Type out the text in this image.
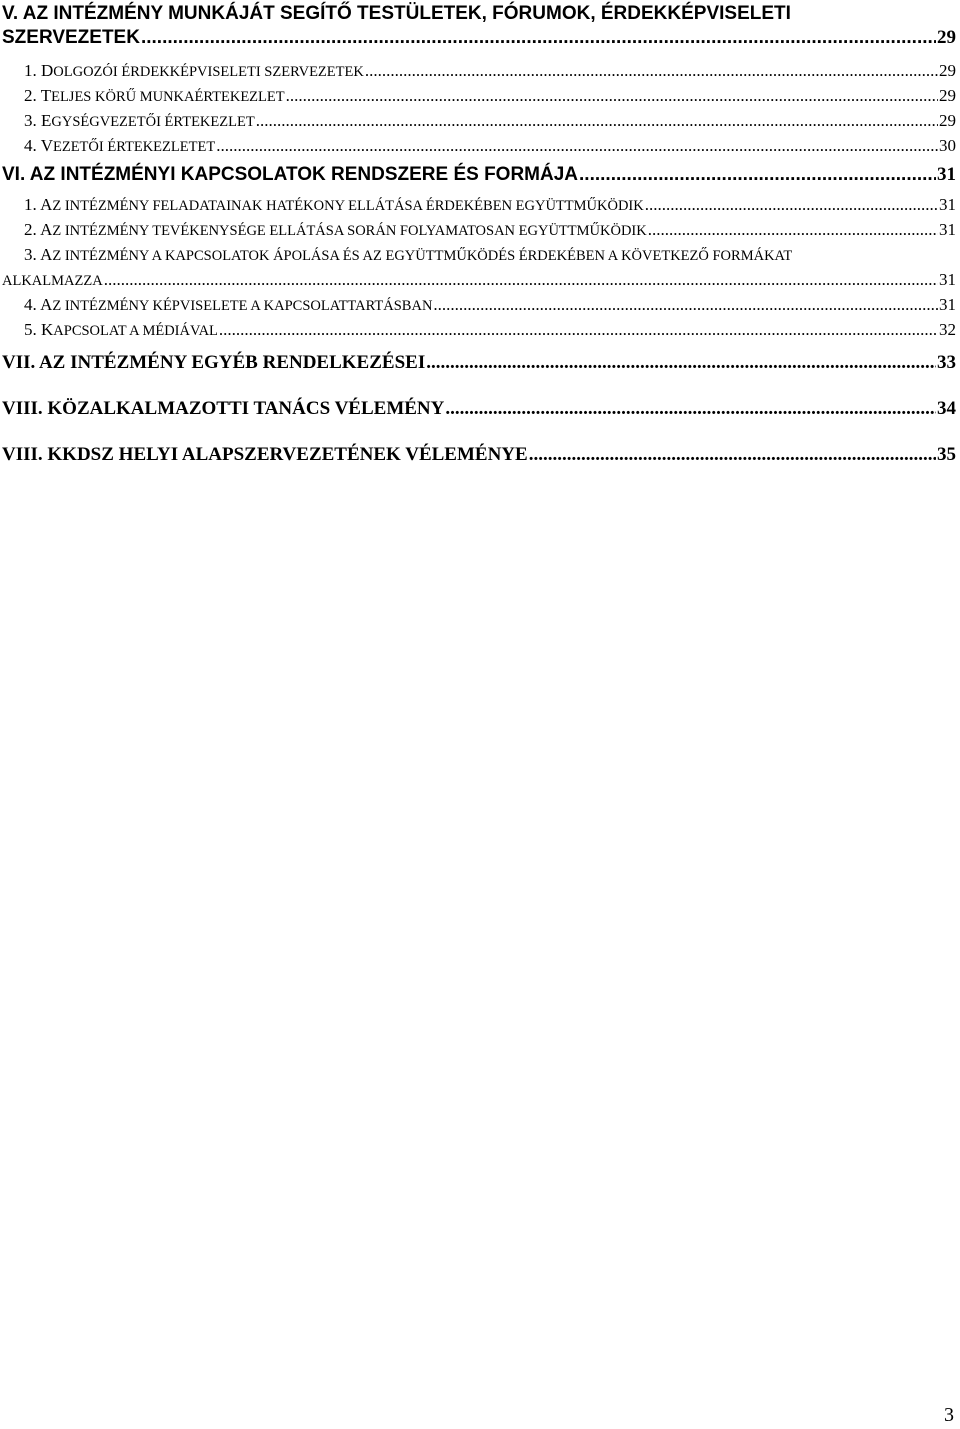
V. AZ INTÉZMÉNY MUNKÁJÁT SEGÍTŐ TESTÜLETEK, FÓRUMOK, ÉRDEKKÉPVISELETI
SZERVEZETEK .....	29
1. DOLGOZÓI ÉRDEKKÉPVISELETI SZERVEZETEK .....	29
2. TELJES KÖRŰ MUNKAÉRTEKEZLET .....	29
3. EGYSÉGVEZETŐI ÉRTEKEZLET .....	29
4. VEZETŐI ÉRTEKEZLETET .....	30
VI. AZ INTÉZMÉNYI KAPCSOLATOK RENDSZERE ÉS FORMÁJA .....	31
1. AZ INTÉZMÉNY FELADATAINAK HATÉKONY ELLÁTÁSA ÉRDEKÉBEN EGYÜTTMŰKÖDIK .....	31
2. AZ INTÉZMÉNY TEVÉKENYSÉGE ELLÁTÁSA SORÁN FOLYAMATOSAN EGYÜTTMŰKÖDIK .....	31
3. AZ INTÉZMÉNY A KAPCSOLATOK ÁPOLÁSA ÉS AZ EGYÜTTMŰKÖDÉS ÉRDEKÉBEN A KÖVETKEZŐ FORMÁKAT
ALKALMAZZA .....	31
4. AZ INTÉZMÉNY KÉPVISELETE A KAPCSOLATTARTÁSBAN .....	31
5. KAPCSOLAT A MÉDIÁVAL .....	32
VII. AZ INTÉZMÉNY EGYÉB RENDELKEZÉSEI .....	33
VIII. KÖZALKALMAZOTTI TANÁCS VÉLEMÉNY .....	34
VIII. KKDSZ HELYI ALAPSZERVEZETÉNEK VÉLEMÉNYE .....	35
3
